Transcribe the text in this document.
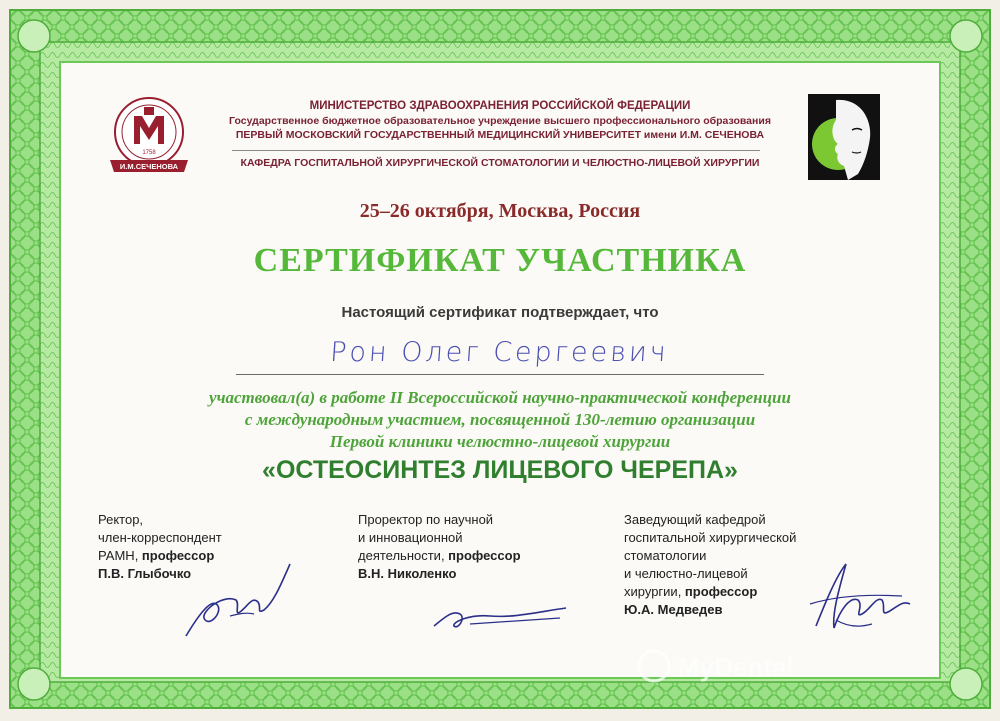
1758
И.М.СЕЧЕНОВА
МИНИСТЕРСТВО ЗДРАВООХРАНЕНИЯ РОССИЙСКОЙ ФЕДЕРАЦИИ
Государственное бюджетное образовательное учреждение высшего профессионального образования
ПЕРВЫЙ МОСКОВСКИЙ ГОСУДАРСТВЕННЫЙ МЕДИЦИНСКИЙ УНИВЕРСИТЕТ имени И.М. СЕЧЕНОВА
КАФЕДРА ГОСПИТАЛЬНОЙ ХИРУРГИЧЕСКОЙ СТОМАТОЛОГИИ И ЧЕЛЮСТНО-ЛИЦЕВОЙ ХИРУРГИИ
25–26 октября, Москва, Россия
СЕРТИФИКАТ УЧАСТНИКА
Настоящий сертификат подтверждает, что
Рон Олег Сергеевич
участвовал(а) в работе II Всероссийской научно-практической конференции
с международным участием, посвященной 130-летию организации
Первой клиники челюстно-лицевой хирургии
«ОСТЕОСИНТЕЗ ЛИЦЕВОГО ЧЕРЕПА»
Ректор,
член-корреспондент
РАМН, профессор
П.В. Глыбочко
Проректор по научной
и инновационной
деятельности, профессор
В.Н. Николенко
Заведующий кафедрой
госпитальной хирургической
стоматологии
и челюстно-лицевой
хирургии, профессор
Ю.А. Медведев
MyDental
